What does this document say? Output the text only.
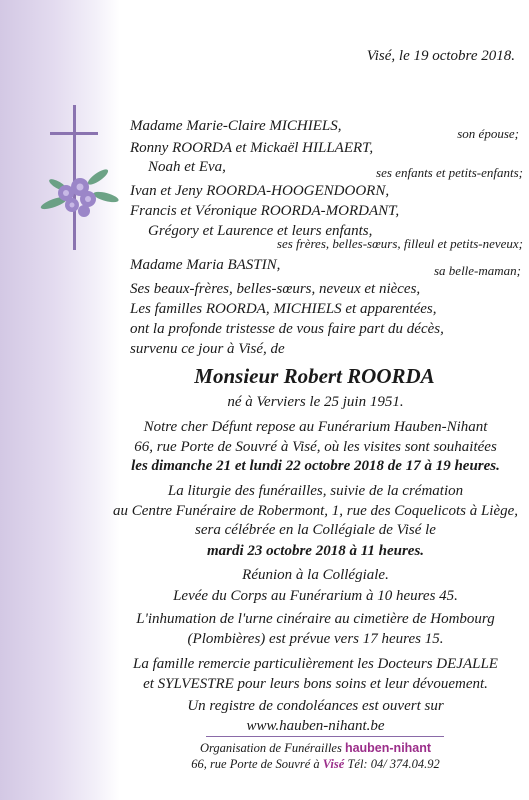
Visé, le 19 octobre 2018.
Madame Marie-Claire MICHIELS,	son épouse;
Ronny ROORDA et Mickaël HILLAERT,
Noah et Eva,	ses enfants et petits-enfants;
Ivan et Jeny ROORDA-HOOGENDOORN,
Francis et Véronique ROORDA-MORDANT,
Grégory et Laurence et leurs enfants,
ses frères, belles-sœurs, filleul et petits-neveux;
Madame Maria BASTIN,	sa belle-maman;
Ses beaux-frères, belles-sœurs, neveux et nièces,
Les familles ROORDA, MICHIELS et apparentées,
ont la profonde tristesse de vous faire part du décès,
survenu ce jour à Visé, de
Monsieur Robert ROORDA
né à Verviers le 25 juin 1951.
Notre cher Défunt repose au Funérarium Hauben-Nihant
66, rue Porte de Souvré à Visé, où les visites sont souhaitées
les dimanche 21 et lundi 22 octobre 2018 de 17 à 19 heures.
La liturgie des funérailles, suivie de la crémation
au Centre Funéraire de Robermont, 1, rue des Coquelicots à Liège,
sera célébrée en la Collégiale de Visé le
mardi 23 octobre 2018 à 11 heures.
Réunion à la Collégiale.
Levée du Corps au Funérarium à 10 heures 45.
L'inhumation de l'urne cinéraire au cimetière de Hombourg
(Plombières) est prévue vers 17 heures 15.
La famille remercie particulièrement les Docteurs DEJALLE
et SYLVESTRE pour leurs bons soins et leur dévouement.
Un registre de condoléances est ouvert sur
www.hauben-nihant.be
Organisation de Funérailles hauben-nihant
66, rue Porte de Souvré à Visé Tél: 04/ 374.04.92
